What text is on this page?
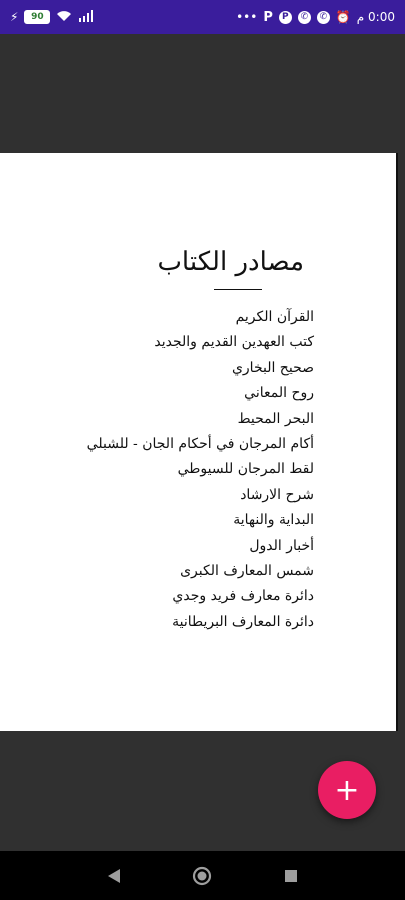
⚡ 90	••• P	P	✆	✆ ⏰ 0:00 م
مصادر الكتاب
القرآن الكريم
كتب العهدين القديم والجديد
صحيح البخاري
روح المعاني
البحر المحيط
أكام المرجان في أحكام الجان - للشبلي
لقط المرجان للسيوطي
شرح الارشاد
البداية والنهاية
أخبار الدول
شمس المعارف الكبرى
دائرة معارف فريد وجدي
دائرة المعارف البريطانية
+
